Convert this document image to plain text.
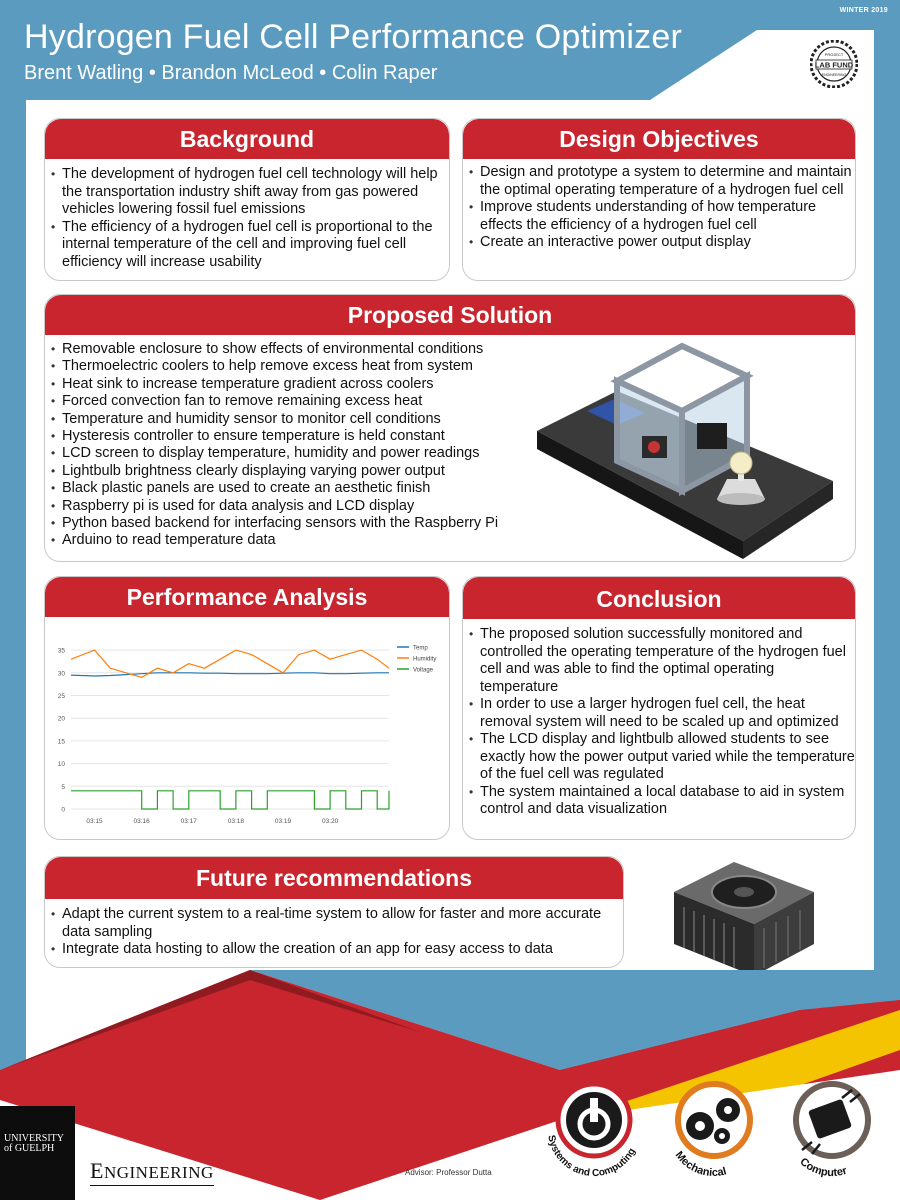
Hydrogen Fuel Cell Performance Optimizer
Brent Watling • Brandon McLeod • Colin Raper
WINTER 2019
LAB FUND
PROJECT
ENGINEERING
Background
• The development of hydrogen fuel cell technology will help the transportation industry shift away from gas powered vehicles lowering fossil fuel emissions
• The efficiency of a hydrogen fuel cell is proportional to the internal temperature of the cell and improving fuel cell efficiency will increase usability
Design Objectives
• Design and prototype a system to determine and maintain the optimal operating temperature of a hydrogen fuel cell
• Improve students understanding of how temperature effects the efficiency of a hydrogen fuel cell
• Create an interactive power output display
Proposed Solution
• Removable enclosure to show effects of environmental conditions
• Thermoelectric coolers to help remove excess heat from system
• Heat sink to increase temperature gradient across coolers
• Forced convection fan to remove remaining excess heat
• Temperature and humidity sensor to monitor cell conditions
• Hysteresis controller to ensure temperature is held constant
• LCD screen to display temperature, humidity and power readings
• Lightbulb brightness clearly displaying varying power output
• Black plastic panels are used to create an aesthetic finish
• Raspberry pi is used for data analysis and LCD display
• Python based backend for interfacing sensors with the Raspberry Pi
• Arduino to read temperature data
Performance Analysis
0
5
10
15
20
25
30
35
03:15	03:16	03:17	03:18	03:19	03:20
Temp
Humidity
Voltage
Conclusion
• The proposed solution successfully monitored and controlled the operating temperature of the hydrogen fuel cell and was able to find the optimal operating temperature
• In order to use a larger hydrogen fuel cell, the heat removal system will need to be scaled up and optimized
• The LCD display and lightbulb allowed students to see exactly how the power output varied while the temperature of the fuel cell was regulated
• The system maintained a local database to aid in system control and data visualization
Future recommendations
• Adapt the current system to a real-time system to allow for faster and more accurate data sampling
• Integrate data hosting to allow the creation of an app for easy access to data
UNIVERSITY
of GUELPH
ENGINEERING	Advisor: Professor Dutta
Systems and Computing	Mechanical
Computer
